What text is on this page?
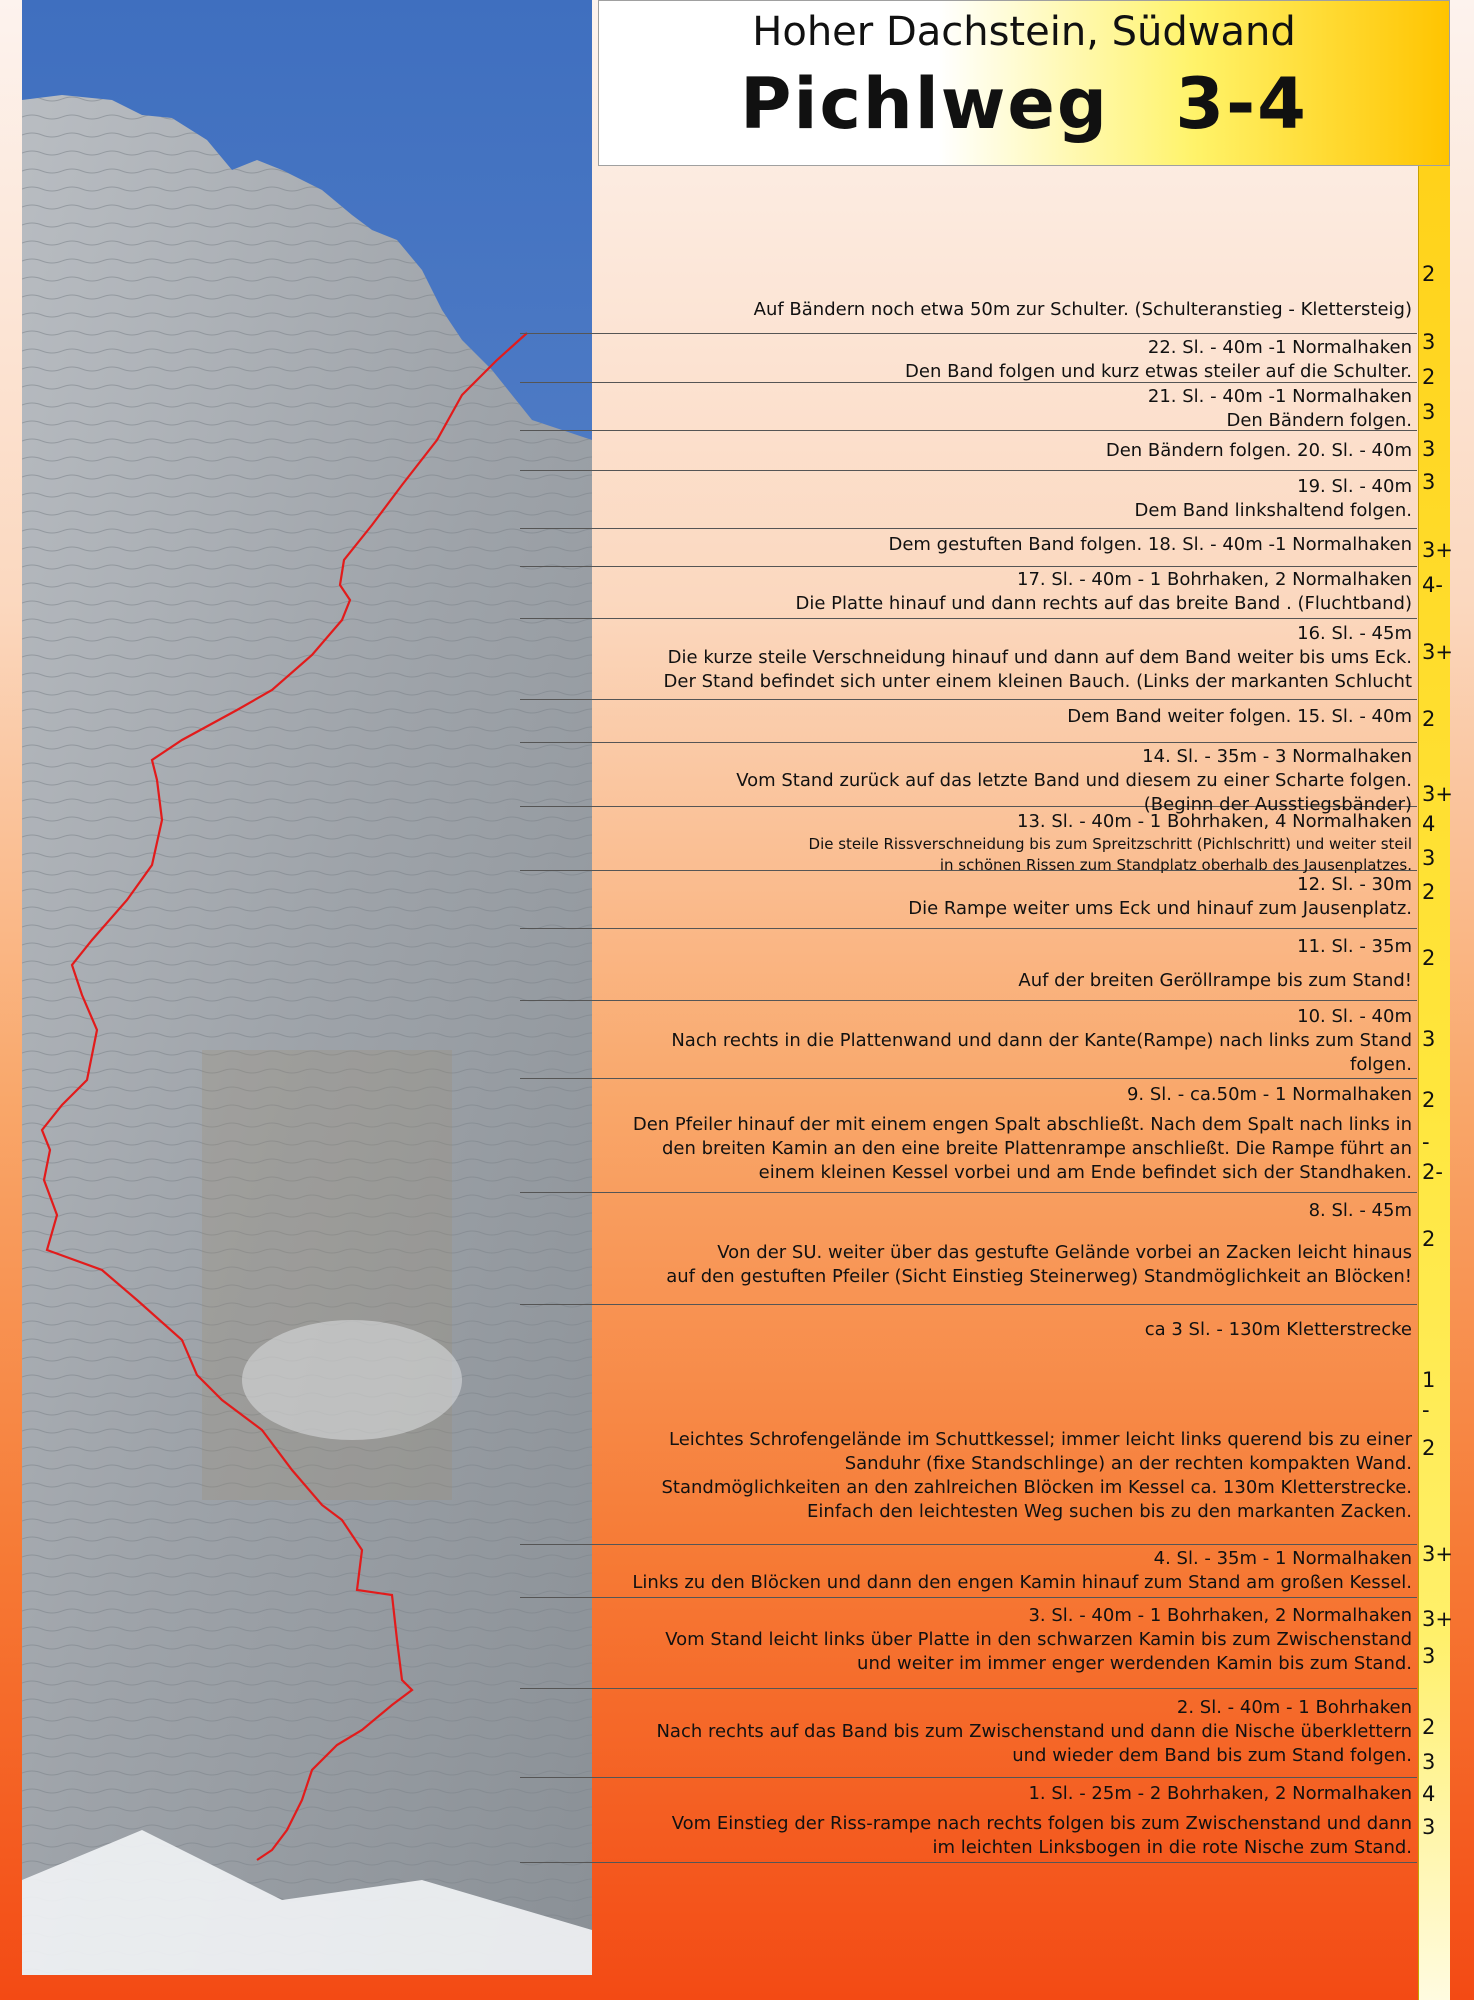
Hoher Dachstein, Südwand
Pichlweg 3-4
2
3
2
3
3
3
3+
4-
3+
2
3+
4
3
2
2
3
2
-
2-
2
1
-
2
3+
3+
3
2
3
4
3
Auf Bändern noch etwa 50m zur Schulter. (Schulteranstieg - Klettersteig)
22. Sl. - 40m -1 Normalhaken
Den Band folgen und kurz etwas steiler auf die Schulter.
21. Sl. - 40m -1 Normalhaken
Den Bändern folgen.
Den Bändern folgen. 20. Sl. - 40m
19. Sl. - 40m
Dem Band linkshaltend folgen.
Dem gestuften Band folgen. 18. Sl. - 40m -1 Normalhaken
17. Sl. - 40m - 1 Bohrhaken, 2 Normalhaken
Die Platte hinauf und dann rechts auf das breite Band . (Fluchtband)
16. Sl. - 45m
Die kurze steile Verschneidung hinauf und dann auf dem Band weiter bis ums Eck.
Der Stand befindet sich unter einem kleinen Bauch. (Links der markanten Schlucht
Dem Band weiter folgen. 15. Sl. - 40m
14. Sl. - 35m - 3 Normalhaken
Vom Stand zurück auf das letzte Band und diesem zu einer Scharte folgen.
(Beginn der Ausstiegsbänder)
13. Sl. - 40m - 1 Bohrhaken, 4 Normalhaken
Die steile Rissverschneidung bis zum Spreitzschritt (Pichlschritt) und weiter steil
in schönen Rissen zum Standplatz oberhalb des Jausenplatzes.
12. Sl. - 30m
Die Rampe weiter ums Eck und hinauf zum Jausenplatz.
11. Sl. - 35m
Auf der breiten Geröllrampe bis zum Stand!
10. Sl. - 40m
Nach rechts in die Plattenwand und dann der Kante(Rampe) nach links zum Stand
folgen.
9. Sl. - ca.50m - 1 Normalhaken
Den Pfeiler hinauf der mit einem engen Spalt abschließt. Nach dem Spalt nach links in
den breiten Kamin an den eine breite Plattenrampe anschließt. Die Rampe führt an
einem kleinen Kessel vorbei und am Ende befindet sich der Standhaken.
8. Sl. - 45m
Von der SU. weiter über das gestufte Gelände vorbei an Zacken leicht hinaus
auf den gestuften Pfeiler (Sicht Einstieg Steinerweg) Standmöglichkeit an Blöcken!
ca 3 Sl. - 130m Kletterstrecke
Leichtes Schrofengelände im Schuttkessel; immer leicht links querend bis zu einer
Sanduhr (fixe Standschlinge) an der rechten kompakten Wand.
Standmöglichkeiten an den zahlreichen Blöcken im Kessel ca. 130m Kletterstrecke.
Einfach den leichtesten Weg suchen bis zu den markanten Zacken.
4. Sl. - 35m - 1 Normalhaken
Links zu den Blöcken und dann den engen Kamin hinauf zum Stand am großen Kessel.
3. Sl. - 40m - 1 Bohrhaken, 2 Normalhaken
Vom Stand leicht links über Platte in den schwarzen Kamin bis zum Zwischenstand
und weiter im immer enger werdenden Kamin bis zum Stand.
2. Sl. - 40m - 1 Bohrhaken
Nach rechts auf das Band bis zum Zwischenstand und dann die Nische überklettern
und wieder dem Band bis zum Stand folgen.
1. Sl. - 25m - 2 Bohrhaken, 2 Normalhaken
Vom Einstieg der Riss-rampe nach rechts folgen bis zum Zwischenstand und dann
im leichten Linksbogen in die rote Nische zum Stand.
